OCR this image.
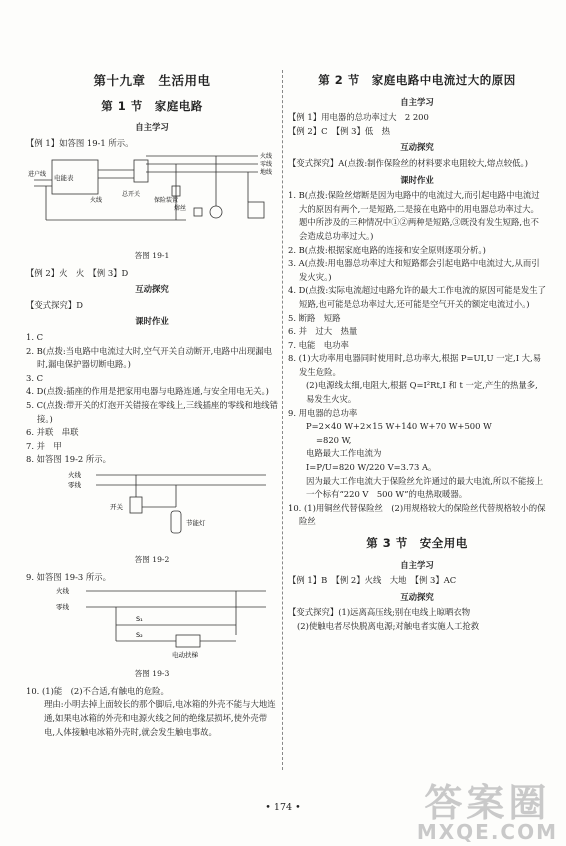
第十九章　生活用电
第 1 节　家庭电路
自主学习
【例 1】如答图 19-1 所示。
电能表
进户线
火线
总开关
保险装置
熔丝
火线
零线
地线
答图 19-1
【例 2】火　火　【例 3】D
互动探究
【变式探究】D
课时作业
1. C
2. B(点拨:当电路中电流过大时,空气开关自动断开,电路中出现漏电时,漏电保护器切断电路。)
3. C
4. D(点拨:插座的作用是把家用电器与电路连通,与安全用电无关。)
5. C(点拨:带开关的灯泡开关错接在零线上,三线插座的零线和地线错接。)
6. 并联　串联
7. 并　甲
8. 如答图 19-2 所示。
火线
零线
开关
节能灯
答图 19-2
9. 如答图 19-3 所示。
火线
零线
S₁
S₂
电动扶梯
答图 19-3
10. (1)能　(2)不合适,有触电的危险。
理由:小明去掉上面较长的那个脚后,电冰箱的外壳不能与大地连通,如果电冰箱的外壳和电源火线之间的绝缘层损坏,使外壳带电,人体接触电冰箱外壳时,就会发生触电事故。
第 2 节　家庭电路中电流过大的原因
自主学习
【例 1】用电器的总功率过大　2 200
【例 2】C　【例 3】低　热
互动探究
【变式探究】A(点拨:制作保险丝的材料要求电阻较大,熔点较低。)
课时作业
1. B(点拨:保险丝熔断是因为电路中的电流过大,而引起电路中电流过大的原因有两个,一是短路,二是接在电路中的用电器总功率过大。题中所涉及的三种情况中①②两种是短路,③既没有发生短路,也不会造成总功率过大。)
2. B(点拨:根据家庭电路的连接和安全原则逐项分析。)
3. A(点拨:用电器总功率过大和短路都会引起电路中电流过大,从而引发火灾。)
4. D(点拨:实际电流超过电路允许的最大工作电流的原因可能是发生了短路,也可能是总功率过大,还可能是空气开关的额定电流过小。)
5. 断路　短路
6. 并　过大　热量
7. 电能　电功率
8. (1)大功率用电器同时使用时,总功率大,根据 P=UI,U 一定,I 大,易发生危险。
(2)电源线太细,电阻大,根据 Q=I²Rt,I 和 t 一定,产生的热量多,易发生火灾。
9. 用电器的总功率
P=2×40 W+2×15 W+140 W+70 W+500 W
=820 W,
电路最大工作电流为
I=P/U=820 W/220 V=3.73 A。
因为最大工作电流大于保险丝允许通过的最大电流,所以不能接上一个标有“220 V　500 W”的电热取暖器。
10. (1)用铜丝代替保险丝　(2)用规格较大的保险丝代替规格较小的保险丝
第 3 节　安全用电
自主学习
【例 1】B　【例 2】火线　大地　【例 3】AC
互动探究
【变式探究】(1)远离高压线;别在电线上晾晒衣物
(2)使触电者尽快脱离电源;对触电者实施人工抢救
• 174 •	答案圈
MXQE.COM
